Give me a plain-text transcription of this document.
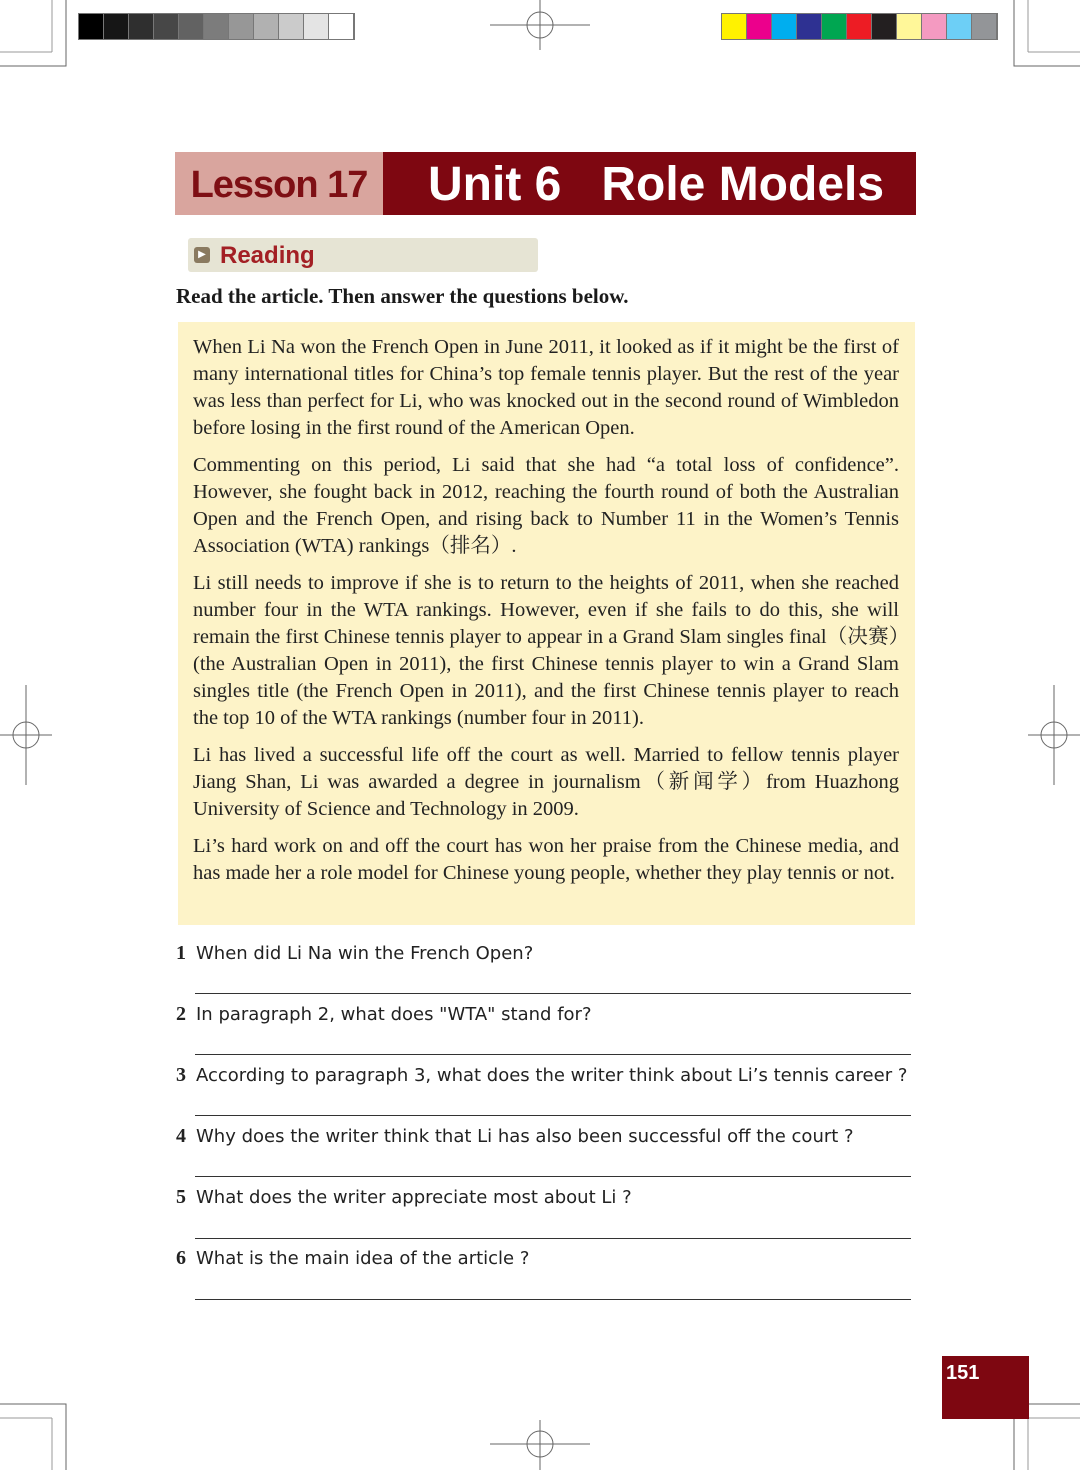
Lesson 17	Unit 6   Role Models
▶ Reading
Read the article. Then answer the questions below.

When Li Na won the French Open in June 2011, it looked as if it might be the first of many international titles for China’s top female tennis player. But the rest of the year was less than perfect for Li, who was knocked out in the second round of Wimbledon before losing in the first round of the American Open.

Commenting on this period, Li said that she had “a total loss of confidence”. However, she fought back in 2012, reaching the fourth round of both the Australian Open and the French Open, and rising back to Number 11 in the Women’s Tennis Association (WTA) rankings（排名）.

Li still needs to improve if she is to return to the heights of 2011, when she reached number four in the WTA rankings. However, even if she fails to do this, she will remain the first Chinese tennis player to appear in a Grand Slam singles final（决赛）(the Australian Open in 2011), the first Chinese tennis player to win a Grand Slam singles title (the French Open in 2011), and the first Chinese tennis player to reach the top 10 of the WTA rankings (number four in 2011).

Li has lived a successful life off the court as well. Married to fellow tennis player Jiang Shan, Li was awarded a degree in journalism（新闻学）from Huazhong University of Science and Technology in 2009.

Li’s hard work on and off the court has won her praise from the Chinese media, and has made her a role model for Chinese young people, whether they play tennis or not.

1 When did Li Na win the French Open?
2 In paragraph 2, what does "WTA" stand for?
3 According to paragraph 3, what does the writer think about Li’s tennis career ?
4 Why does the writer think that Li has also been successful off the court ?
5 What does the writer appreciate most about Li ?
6 What is the main idea of the article ?
151
